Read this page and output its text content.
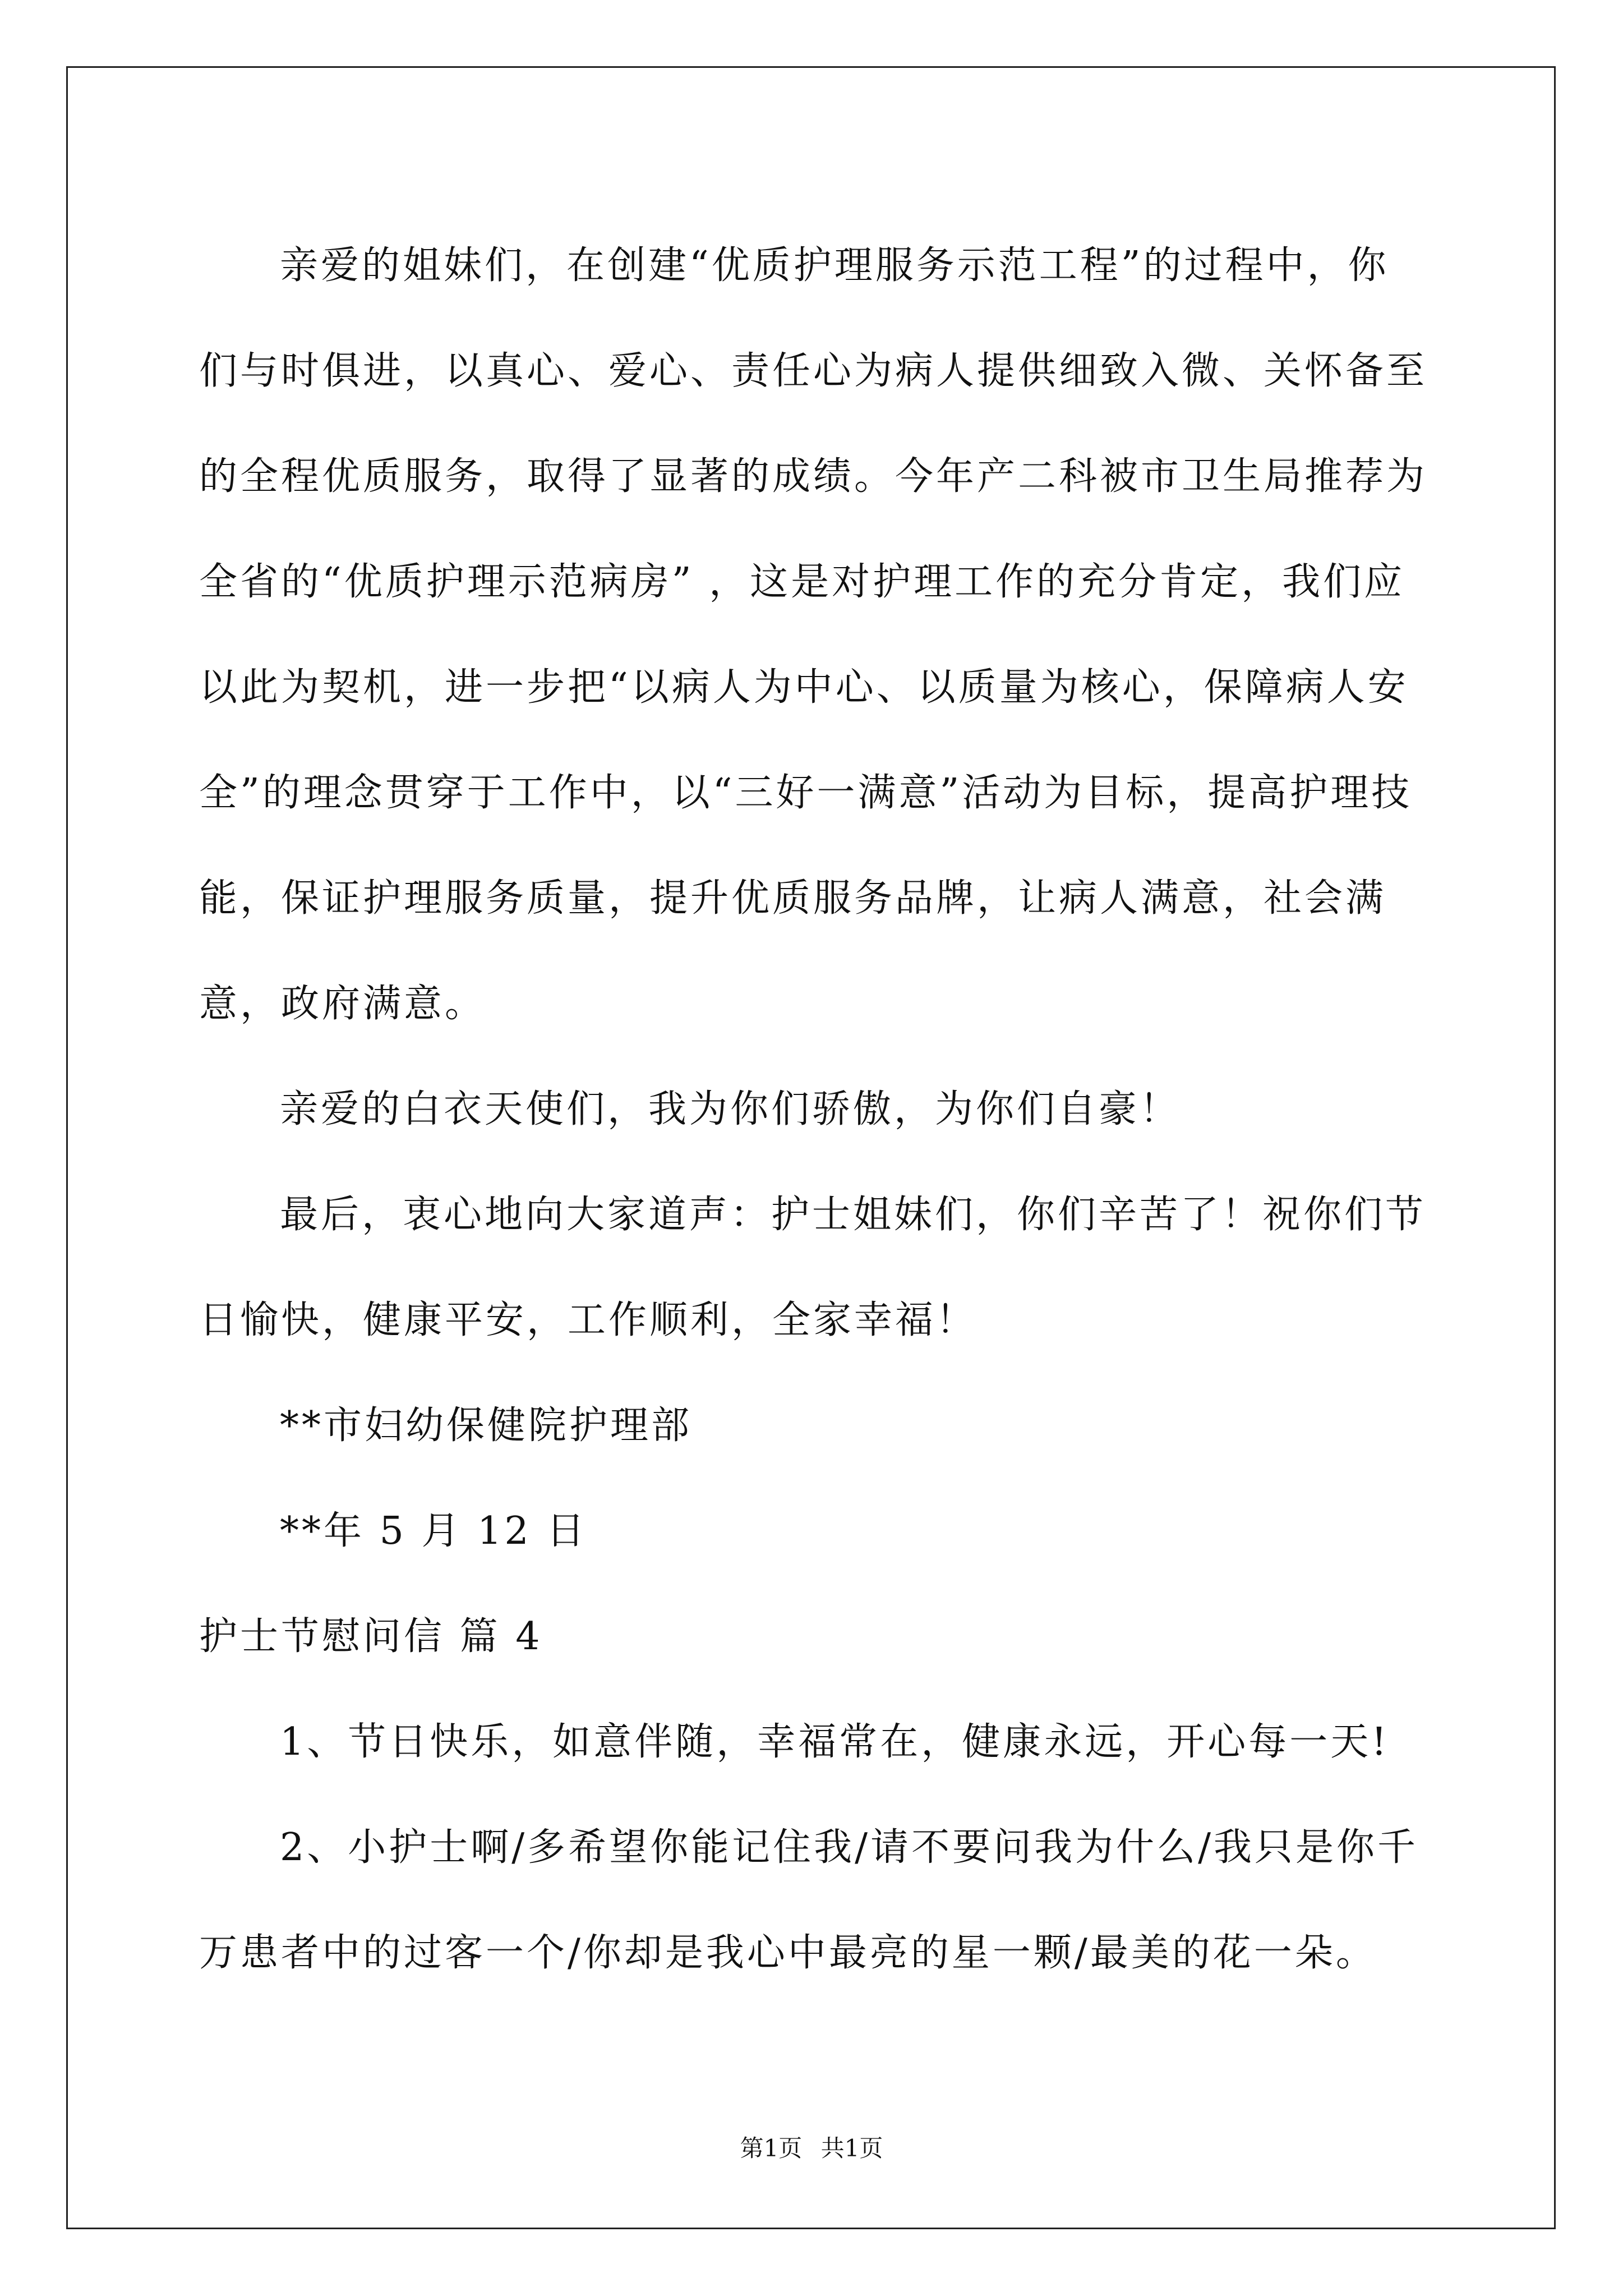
亲爱的姐妹们，在创建“优质护理服务示范工程”的过程中，你们与时俱进，以真心、爱心、责任心为病人提供细致入微、关怀备至的全程优质服务，取得了显著的成绩。今年产二科被市卫生局推荐为全省的“优质护理示范病房” ，这是对护理工作的充分肯定，我们应以此为契机，进一步把“以病人为中心、以质量为核心，保障病人安全”的理念贯穿于工作中，以“三好一满意”活动为目标，提高护理技能，保证护理服务质量，提升优质服务品牌，让病人满意，社会满意，政府满意。

亲爱的白衣天使们，我为你们骄傲，为你们自豪！

最后，衷心地向大家道声：护士姐妹们，你们辛苦了！祝你们节日愉快，健康平安，工作顺利，全家幸福！

**市妇幼保健院护理部

**年 5 月 12 日

护士节慰问信 篇 4

1、节日快乐，如意伴随，幸福常在，健康永远，开心每一天!

2、小护士啊/多希望你能记住我/请不要问我为什么/我只是你千万患者中的过客一个/你却是我心中最亮的星一颗/最美的花一朵。

第1页 共1页
